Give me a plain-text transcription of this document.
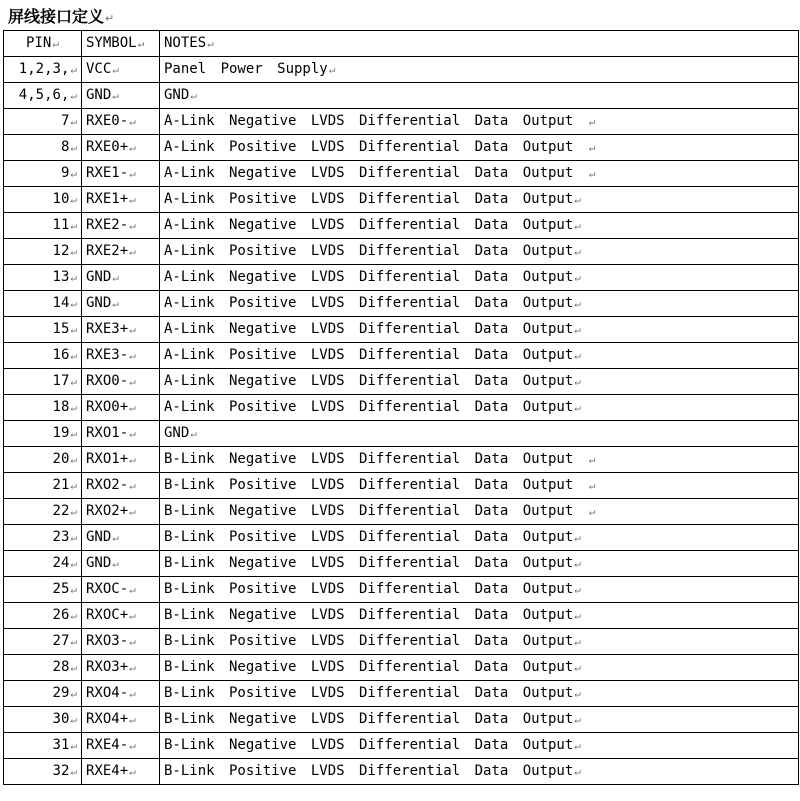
屏线接口定义↵
PIN↵	SYMBOL↵	NOTES↵
1,2,3,↵	VCC↵	Panel Power Supply↵
4,5,6,↵	GND↵	GND↵
7↵	RXE0-↵	A-Link Negative LVDS Differential Data Output ↵
8↵	RXE0+↵	A-Link Positive LVDS Differential Data Output ↵
9↵	RXE1-↵	A-Link Negative LVDS Differential Data Output ↵
10↵	RXE1+↵	A-Link Positive LVDS Differential Data Output↵
11↵	RXE2-↵	A-Link Negative LVDS Differential Data Output↵
12↵	RXE2+↵	A-Link Positive LVDS Differential Data Output↵
13↵	GND↵	A-Link Negative LVDS Differential Data Output↵
14↵	GND↵	A-Link Positive LVDS Differential Data Output↵
15↵	RXE3+↵	A-Link Negative LVDS Differential Data Output↵
16↵	RXE3-↵	A-Link Positive LVDS Differential Data Output↵
17↵	RXO0-↵	A-Link Negative LVDS Differential Data Output↵
18↵	RXO0+↵	A-Link Positive LVDS Differential Data Output↵
19↵	RXO1-↵	GND↵
20↵	RXO1+↵	B-Link Negative LVDS Differential Data Output ↵
21↵	RXO2-↵	B-Link Positive LVDS Differential Data Output ↵
22↵	RXO2+↵	B-Link Negative LVDS Differential Data Output ↵
23↵	GND↵	B-Link Positive LVDS Differential Data Output↵
24↵	GND↵	B-Link Negative LVDS Differential Data Output↵
25↵	RXOC-↵	B-Link Positive LVDS Differential Data Output↵
26↵	RXOC+↵	B-Link Negative LVDS Differential Data Output↵
27↵	RXO3-↵	B-Link Positive LVDS Differential Data Output↵
28↵	RXO3+↵	B-Link Negative LVDS Differential Data Output↵
29↵	RXO4-↵	B-Link Positive LVDS Differential Data Output↵
30↵	RXO4+↵	B-Link Negative LVDS Differential Data Output↵
31↵	RXE4-↵	B-Link Negative LVDS Differential Data Output↵
32↵	RXE4+↵	B-Link Positive LVDS Differential Data Output↵
